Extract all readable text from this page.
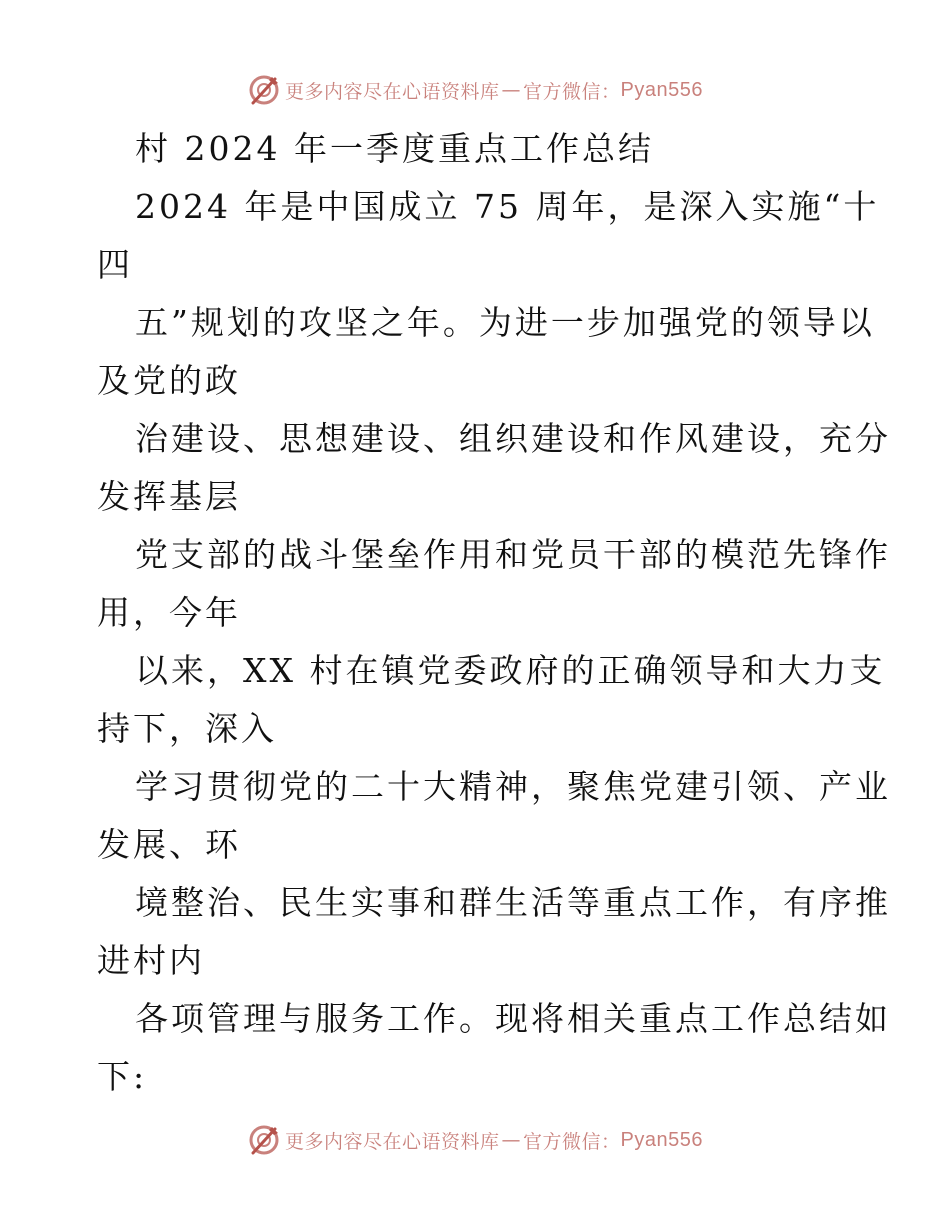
更多内容尽在心语资料库 — 官方微信： Pyan556
村 2024 年一季度重点工作总结
2024 年是中国成立 75 周年，是深入实施“十
四
五”规划的攻坚之年。为进一步加强党的领导以
及党的政
治建设、思想建设、组织建设和作风建设，充分
发挥基层
党支部的战斗堡垒作用和党员干部的模范先锋作
用，今年
以来，XX 村在镇党委政府的正确领导和大力支
持下，深入
学习贯彻党的二十大精神，聚焦党建引领、产业
发展、环
境整治、民生实事和群生活等重点工作，有序推
进村内
各项管理与服务工作。现将相关重点工作总结如
下:
更多内容尽在心语资料库 — 官方微信： Pyan556
